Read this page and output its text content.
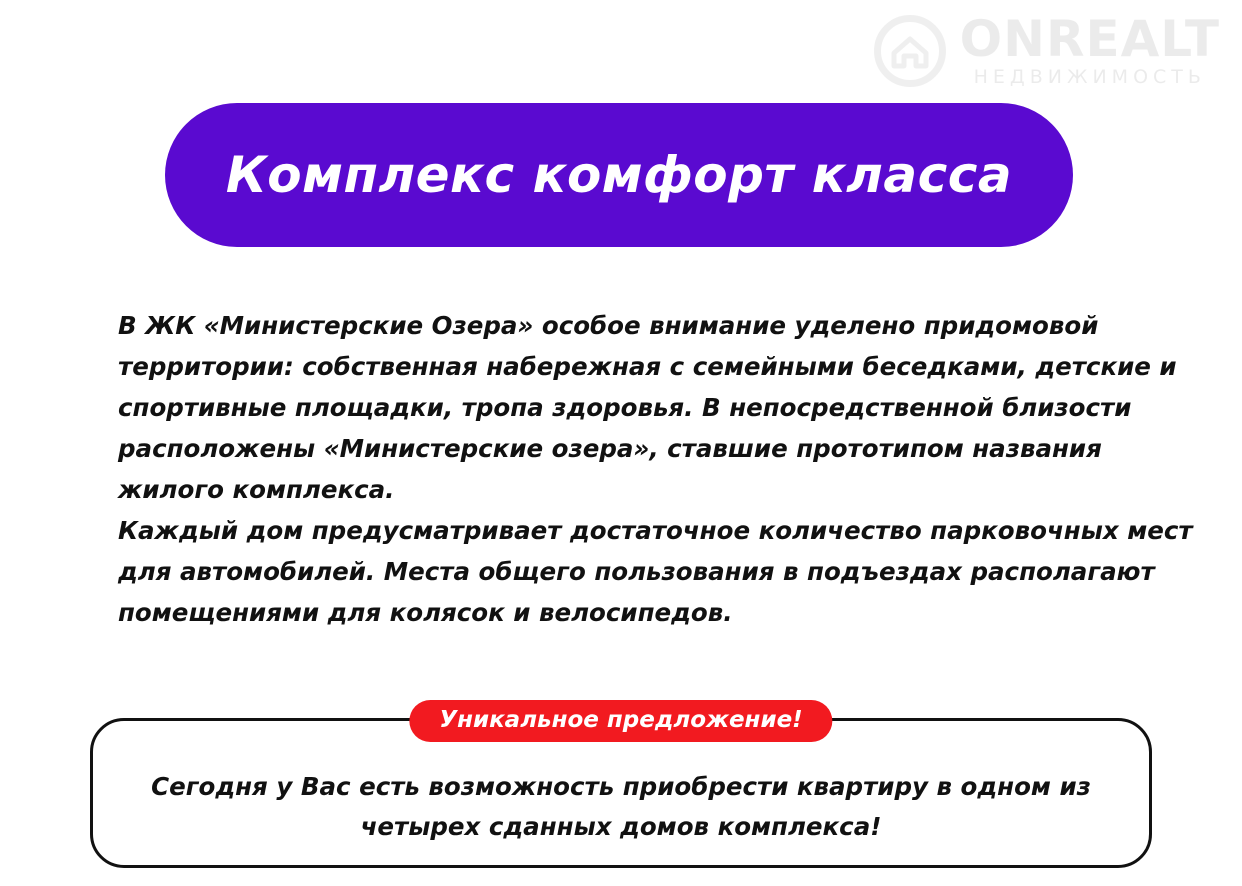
ONREALT
НЕДВИЖИМОСТЬ
Комплекс комфорт класса

В ЖК «Министерские Озера» особое внимание уделено придомовой территории: собственная набережная с семейными беседками, детские и спортивные площадки, тропа здоровья. В непосредственной близости расположены «Министерские озера», ставшие прототипом названия жилого комплекса.

Каждый дом предусматривает достаточное количество парковочных мест для автомобилей. Места общего пользования в подъездах располагают помещениями для колясок и велосипедов.

Уникальное предложение!
Сегодня у Вас есть возможность приобрести квартиру в одном из четырех сданных домов комплекса!
